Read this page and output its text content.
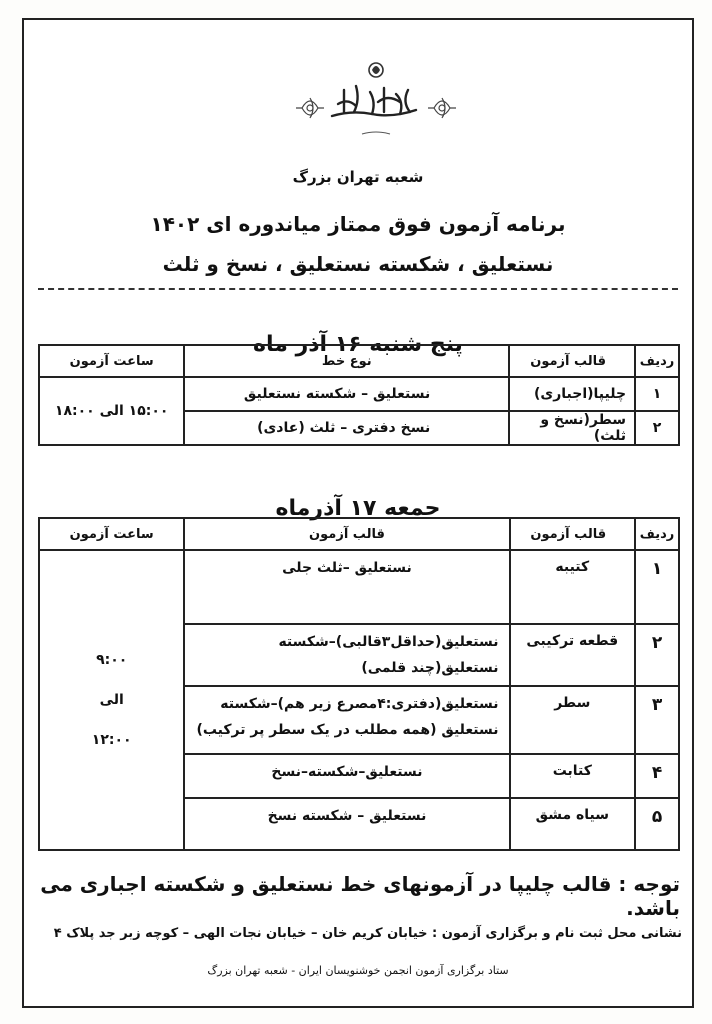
شعبه تهران بزرگ
برنامه آزمون فوق ممتاز میاندوره ای ۱۴۰۲
نستعلیق ، شکسته نستعلیق ، نسخ و ثلث
پنج شنبه ۱۶ آذر ماه
ردیف	قالب آزمون	نوع خط	ساعت آزمون
۱	چلیپا(اجباری)	نستعلیق – شکسته نستعلیق	۱۵:۰۰ الی ۱۸:۰۰
۲	سطر(نسخ و ثلث)	نسخ دفتری – ثلث (عادی)	
جمعه ۱۷ آذرماه
ردیف	قالب آزمون	قالب آزمون	ساعت آزمون
۱	کتیبه	نستعلیق –ثلث جلی	۹:۰۰
الی
۱۲:۰۰

۲	قطعه ترکیبی	نستعلیق(حداقل۳قالبی)–شکسته نستعلیق(چند قلمی)	
۳	سطر	نستعلیق(دفتری:۴مصرع زیر هم)–شکسته نستعلیق (همه مطلب در یک سطر پر ترکیب)	
۴	کتابت	نستعلیق–شکسته–نسخ	
۵	سیاه مشق	نستعلیق – شکسته نسخ	
توجه : قالب چلیپا در آزمونهای خط نستعلیق و شکسته اجباری می باشد.
نشانی محل ثبت نام و برگزاری آزمون : خیابان کریم خان – خیابان نجات الهی – کوچه زبر جد پلاک ۴
ستاد برگزاری آزمون انجمن خوشنویسان ایران - شعبه تهران بزرگ
